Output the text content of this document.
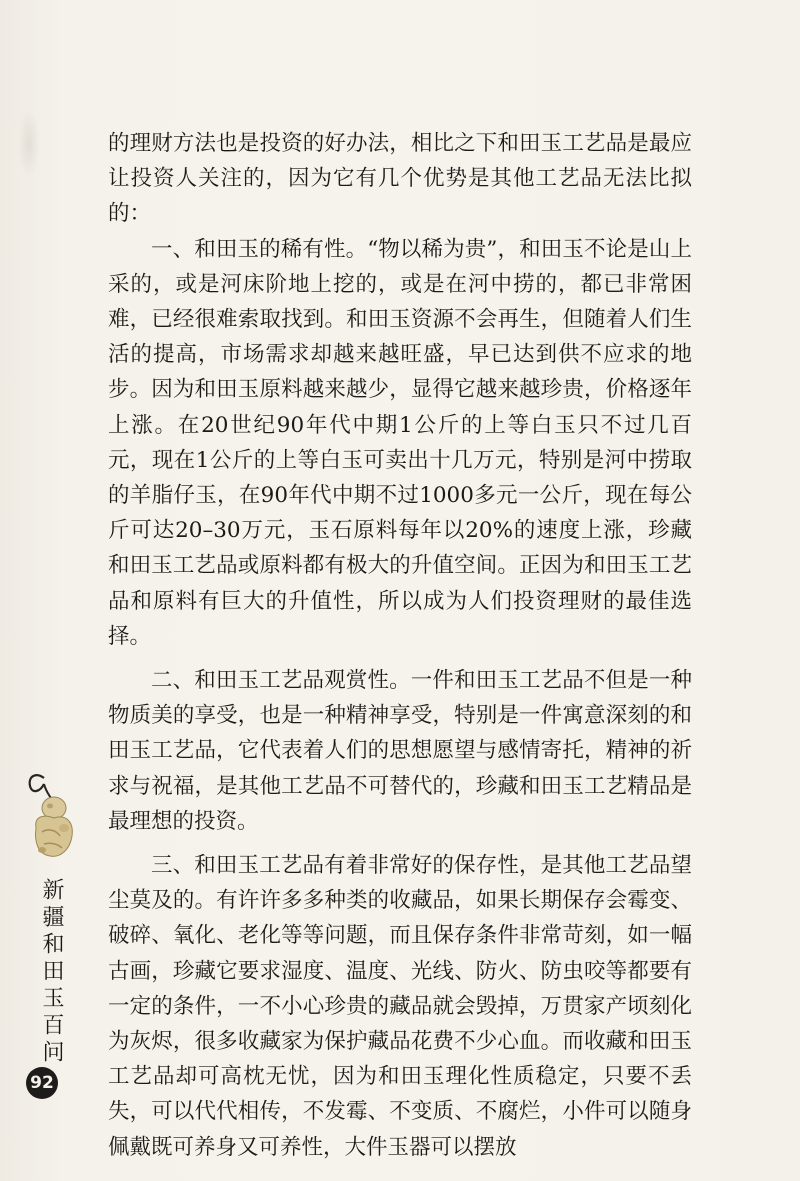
的理财方法也是投资的好办法，相比之下和田玉工艺品是最应让投资人关注的，因为它有几个优势是其他工艺品无法比拟的：

一、和田玉的稀有性。“物以稀为贵”，和田玉不论是山上采的，或是河床阶地上挖的，或是在河中捞的，都已非常困难，已经很难索取找到。和田玉资源不会再生，但随着人们生活的提高，市场需求却越来越旺盛，早已达到供不应求的地步。因为和田玉原料越来越少，显得它越来越珍贵，价格逐年上涨。在20世纪90年代中期1公斤的上等白玉只不过几百元，现在1公斤的上等白玉可卖出十几万元，特别是河中捞取的羊脂仔玉，在90年代中期不过1000多元一公斤，现在每公斤可达20–30万元，玉石原料每年以20%的速度上涨，珍藏和田玉工艺品或原料都有极大的升值空间。正因为和田玉工艺品和原料有巨大的升值性，所以成为人们投资理财的最佳选择。

二、和田玉工艺品观赏性。一件和田玉工艺品不但是一种物质美的享受，也是一种精神享受，特别是一件寓意深刻的和田玉工艺品，它代表着人们的思想愿望与感情寄托，精神的祈求与祝福，是其他工艺品不可替代的，珍藏和田玉工艺精品是最理想的投资。

三、和田玉工艺品有着非常好的保存性，是其他工艺品望尘莫及的。有许许多多种类的收藏品，如果长期保存会霉变、破碎、氧化、老化等等问题，而且保存条件非常苛刻，如一幅古画，珍藏它要求湿度、温度、光线、防火、防虫咬等都要有一定的条件，一不小心珍贵的藏品就会毁掉，万贯家产顷刻化为灰烬，很多收藏家为保护藏品花费不少心血。而收藏和田玉工艺品却可高枕无忧，因为和田玉理化性质稳定，只要不丢失，可以代代相传，不发霉、不变质、不腐烂，小件可以随身佩戴既可养身又可养性，大件玉器可以摆放

新疆和田玉百问
92
